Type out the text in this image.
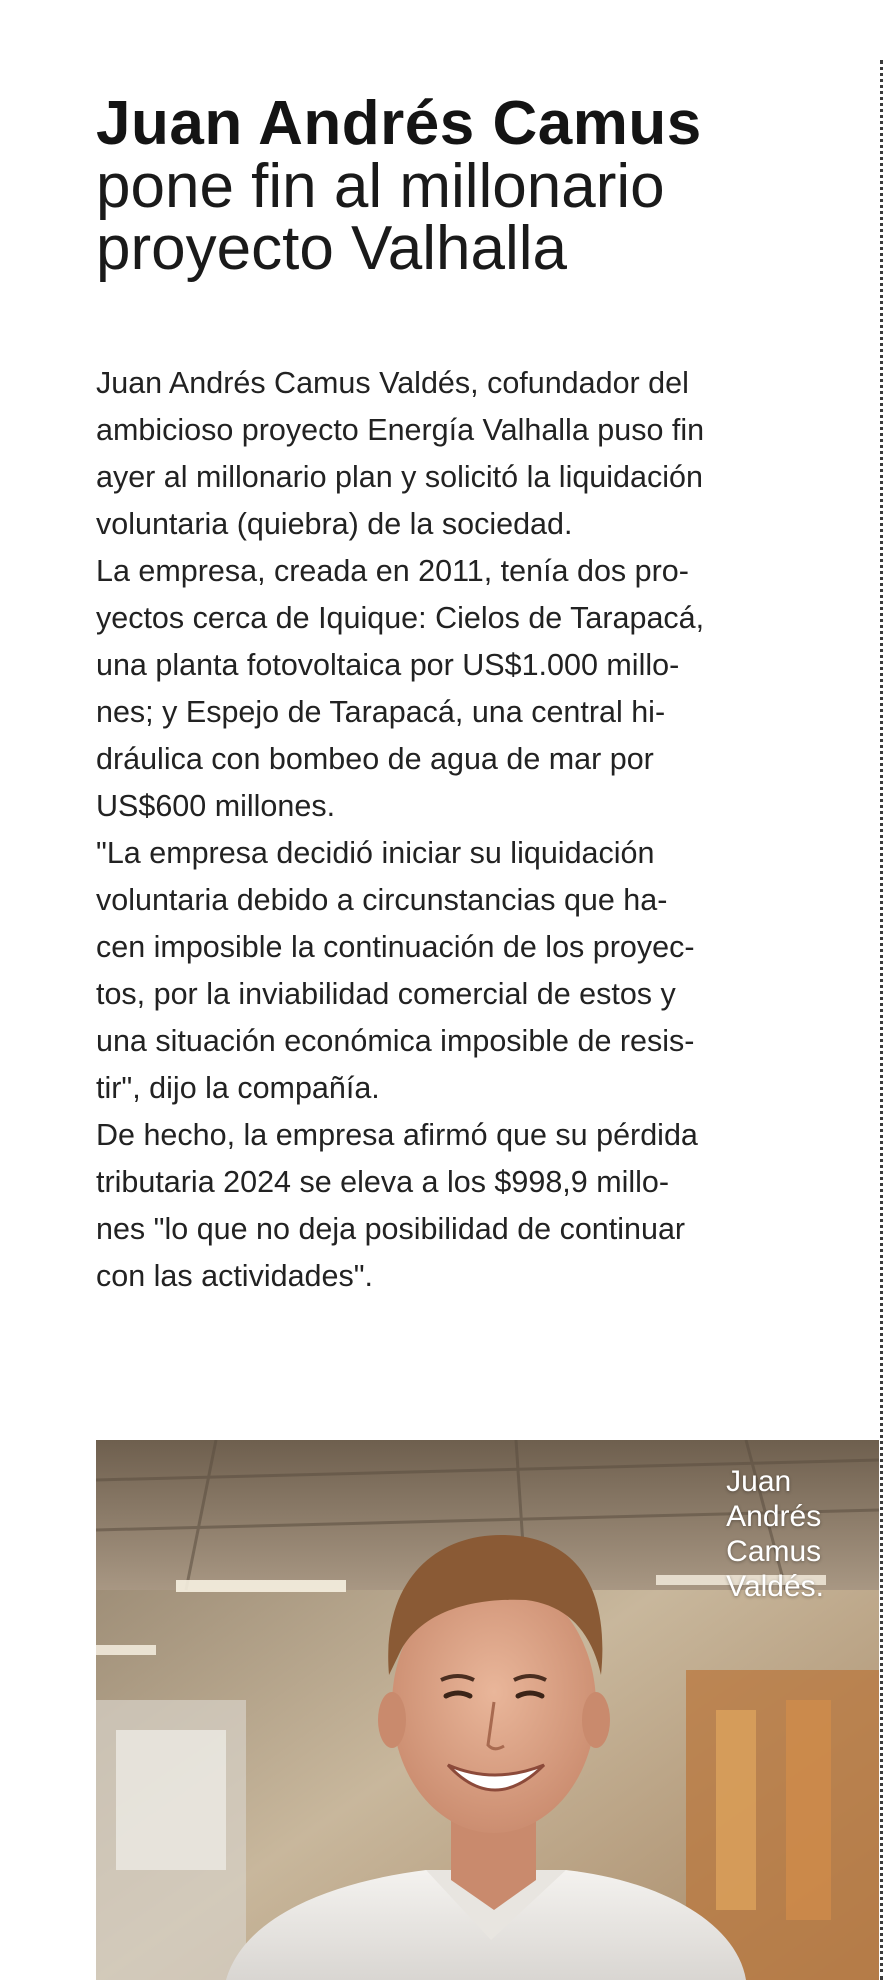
Juan Andrés Camus
pone fin al millonario
proyecto Valhalla
Juan Andrés Camus Valdés, cofundador del
ambicioso proyecto Energía Valhalla puso fin
ayer al millonario plan y solicitó la liquidación
voluntaria (quiebra) de la sociedad.
La empresa, creada en 2011, tenía dos pro-
yectos cerca de Iquique: Cielos de Tarapacá,
una planta fotovoltaica por US$1.000 millo-
nes; y Espejo de Tarapacá, una central hi-
dráulica con bombeo de agua de mar por
US$600 millones.
"La empresa decidió iniciar su liquidación
voluntaria debido a circunstancias que ha-
cen imposible la continuación de los proyec-
tos, por la inviabilidad comercial de estos y
una situación económica imposible de resis-
tir", dijo la compañía.
De hecho, la empresa afirmó que su pérdida
tributaria 2024 se eleva a los $998,9 millo-
nes "lo que no deja posibilidad de continuar
con las actividades".
Juan
Andrés
Camus
Valdés.
